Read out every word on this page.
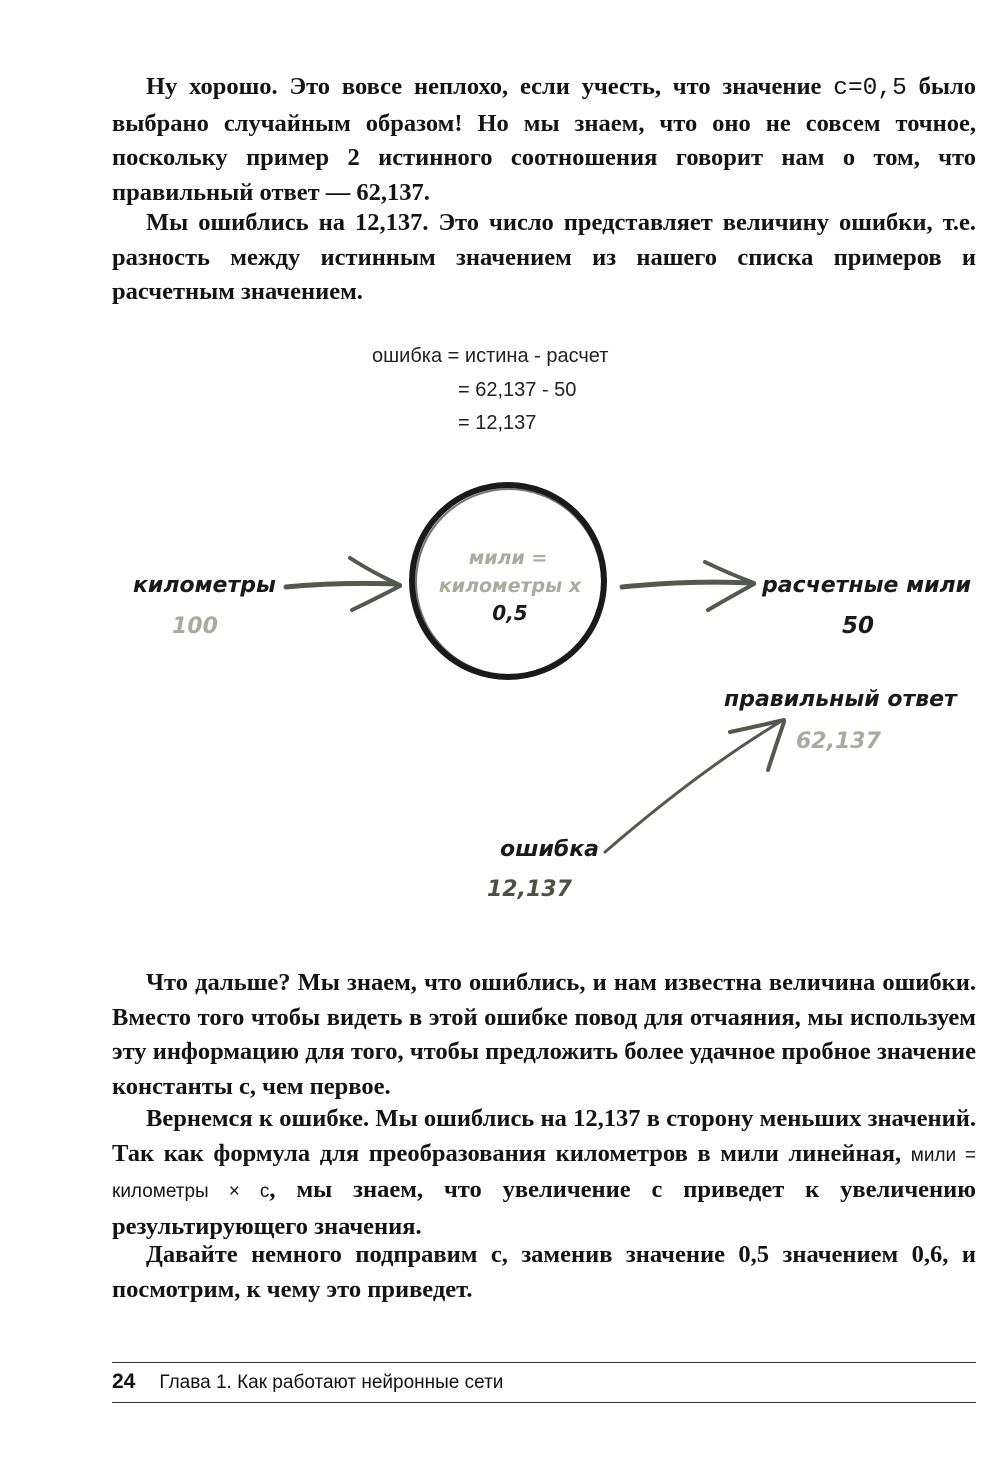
Ну хорошо. Это вовсе неплохо, если учесть, что значение c=0,5 было выбрано случайным образом! Но мы знаем, что оно не совсем точное, поскольку пример 2 истинного соотношения говорит нам о том, что правильный ответ — 62,137.

Мы ошиблись на 12,137. Это число представляет величину ошибки, т.е. разность между истинным значением из нашего списка примеров и расчетным значением.

ошибка = истина - расчет
= 62,137 - 50
= 12,137
километры
100
мили =
километры x
0,5
расчетные мили
50
правильный ответ
62,137
ошибка
12,137

Что дальше? Мы знаем, что ошиблись, и нам известна величина ошибки. Вместо того чтобы видеть в этой ошибке повод для отчаяния, мы используем эту информацию для того, чтобы предложить более удачное пробное значение константы c, чем первое.

Вернемся к ошибке. Мы ошиблись на 12,137 в сторону меньших значений. Так как формула для преобразования километров в мили линейная, мили = километры × c, мы знаем, что увеличение c приведет к увеличению результирующего значения.

Давайте немного подправим c, заменив значение 0,5 значением 0,6, и посмотрим, к чему это приведет.

24 Глава 1. Как работают нейронные сети
